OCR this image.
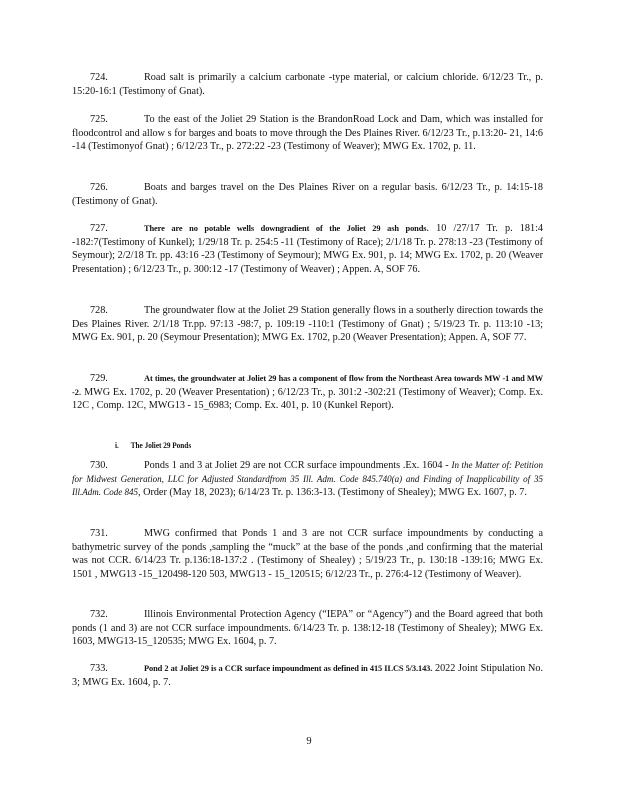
724.	Road salt is primarily a calcium carbonate -type material, or calcium chloride. 6/12/23 Tr., p. 15:20-16:1 (Testimony of Gnat).

725.	To the east of the Joliet 29 Station is the BrandonRoad Lock and Dam, which was installed for floodcontrol and allow s for barges and boats to move through the Des Plaines River. 6/12/23 Tr., p.13:20- 21, 14:6 -14 (Testimonyof Gnat) ; 6/12/23 Tr., p. 272:22 -23 (Testimony of Weaver); MWG Ex. 1702, p. 11.

726.	Boats and barges travel on the Des Plaines River on a regular basis. 6/12/23 Tr., p. 14:15-18 (Testimony of Gnat).

727.	There are no potable wells downgradient of the Joliet 29 ash ponds. 10 /27/17 Tr. p. 181:4 -182:7(Testimony of Kunkel); 1/29/18 Tr. p. 254:5 -11 (Testimony of Race); 2/1/18 Tr. p. 278:13 -23 (Testimony of Seymour); 2/2/18 Tr. pp. 43:16 -23 (Testimony of Seymour); MWG Ex. 901, p. 14; MWG Ex. 1702, p. 20 (Weaver Presentation) ; 6/12/23 Tr., p. 300:12 -17 (Testimony of Weaver) ; Appen. A, SOF 76.

728.	The groundwater flow at the Joliet 29 Station generally flows in a southerly direction towards the Des Plaines River. 2/1/18 Tr.pp. 97:13 -98:7, p. 109:19 -110:1 (Testimony of Gnat) ; 5/19/23 Tr. p. 113:10 -13; MWG Ex. 901, p. 20 (Seymour Presentation); MWG Ex. 1702, p.20 (Weaver Presentation); Appen. A, SOF 77.

729.	At times, the groundwater at Joliet 29 has a component of flow from the Northeast Area towards MW -1 and MW -2. MWG Ex. 1702, p. 20 (Weaver Presentation) ; 6/12/23 Tr., p. 301:2 -302:21 (Testimony of Weaver); Comp. Ex. 12C , Comp. 12C, MWG13 - 15_6983; Comp. Ex. 401, p. 10 (Kunkel Report).

i. The Joliet 29 Ponds

730.	Ponds 1 and 3 at Joliet 29 are not CCR surface impoundments .Ex. 1604 - In the Matter of: Petition for Midwest Generation, LLC for Adjusted Standardfrom 35 Ill. Adm. Code 845.740(a) and Finding of Inapplicability of 35 Ill.Adm. Code 845, Order (May 18, 2023); 6/14/23 Tr. p. 136:3-13. (Testimony of Shealey); MWG Ex. 1607, p. 7.

731.	MWG confirmed that Ponds 1 and 3 are not CCR surface impoundments by conducting a bathymetric survey of the ponds ,sampling the “muck” at the base of the ponds ,and confirming that the material was not CCR. 6/14/23 Tr. p.136:18-137:2 . (Testimony of Shealey) ; 5/19/23 Tr., p. 130:18 -139:16; MWG Ex. 1501 , MWG13 -15_120498-120 503, MWG13 - 15_120515; 6/12/23 Tr., p. 276:4-12 (Testimony of Weaver).

732.	Illinois Environmental Protection Agency (“IEPA” or “Agency”) and the Board agreed that both ponds (1 and 3) are not CCR surface impoundments. 6/14/23 Tr. p. 138:12-18 (Testimony of Shealey); MWG Ex. 1603, MWG13-15_120535; MWG Ex. 1604, p. 7.

733.	Pond 2 at Joliet 29 is a CCR surface impoundment as defined in 415 ILCS 5/3.143. 2022 Joint Stipulation No. 3; MWG Ex. 1604, p. 7.

9
